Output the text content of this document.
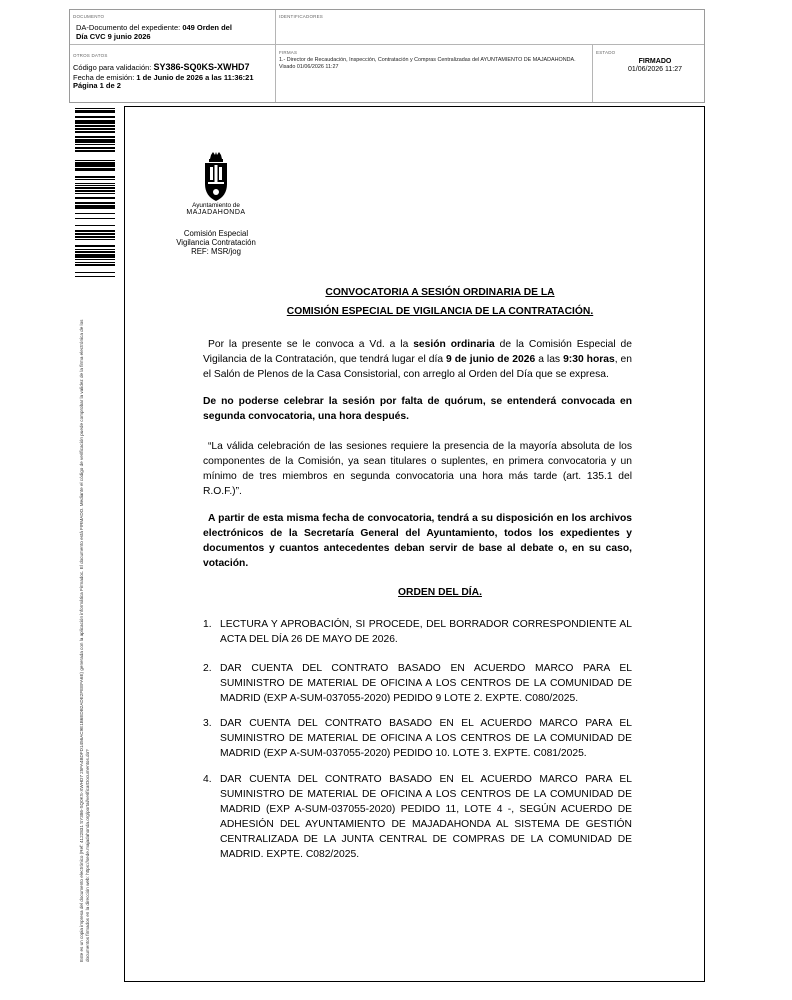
DOCUMENTO
DA-Documento del expediente: 049 Orden del
Día CVC 9 junio 2026
IDENTIFICADORES
OTROS DATOS
Código para validación: SY386-SQ0KS-XWHD7
Fecha de emisión: 1 de Junio de 2026 a las 11:36:21
Página 1 de 2
FIRMAS
1.- Director de Recaudación, Inspección, Contratación y Compras Centralizadas del AYUNTAMIENTO DE MAJADAHONDA. Visado 01/06/2026 11:27
ESTADO
FIRMADO
01/06/2026 11:27
Este es un copia impresa del documento electrónico (Ref: 4122831 SY386-SQ0KS-XWHD7 25FA4BDFD1456AC9E1B6EDB2ADE2FEEFA6E) generada con la aplicación informática Firmadoc. El documento está FIRMADO. Mediante el código de verificación puede comprobar la validez de la firma electrónica de los documentos firmados en la dirección web: https://sede.majadahonda.org/portal/verificarDocumentos.do?
Ayuntamiento de
MAJADAHONDA
Comisión Especial
Vigilancia Contratación
REF: MSR/jog
CONVOCATORIA A SESIÓN ORDINARIA DE LA
COMISIÓN ESPECIAL DE VIGILANCIA DE LA CONTRATACIÓN.
Por la presente se le convoca a Vd. a la sesión ordinaria de la Comisión Especial de Vigilancia de la Contratación, que tendrá lugar el día 9 de junio de 2026 a las 9:30 horas, en el Salón de Plenos de la Casa Consistorial, con arreglo al Orden del Día que se expresa.
De no poderse celebrar la sesión por falta de quórum, se entenderá convocada en segunda convocatoria, una hora después.
“La válida celebración de las sesiones requiere la presencia de la mayoría absoluta de los componentes de la Comisión, ya sean titulares o suplentes, en primera convocatoria y un mínimo de tres miembros en segunda convocatoria una hora más tarde (art. 135.1 del R.O.F.)”.
A partir de esta misma fecha de convocatoria, tendrá a su disposición en los archivos electrónicos de la Secretaría General del Ayuntamiento, todos los expedientes y documentos y cuantos antecedentes deban servir de base al debate o, en su caso, votación.
ORDEN DEL DÍA.
1. LECTURA Y APROBACIÓN, SI PROCEDE, DEL BORRADOR CORRESPONDIENTE AL ACTA DEL DÍA 26 DE MAYO DE 2026.
2. DAR CUENTA DEL CONTRATO BASADO EN ACUERDO MARCO PARA EL SUMINISTRO DE MATERIAL DE OFICINA A LOS CENTROS DE LA COMUNIDAD DE MADRID (EXP A-SUM-037055-2020) PEDIDO 9 LOTE 2. EXPTE. C080/2025.
3. DAR CUENTA DEL CONTRATO BASADO EN EL ACUERDO MARCO PARA EL SUMINISTRO DE MATERIAL DE OFICINA A LOS CENTROS DE LA COMUNIDAD DE MADRID (EXP A-SUM-037055-2020) PEDIDO 10. LOTE 3. EXPTE. C081/2025.
4. DAR CUENTA DEL CONTRATO BASADO EN EL ACUERDO MARCO PARA EL SUMINISTRO DE MATERIAL DE OFICINA A LOS CENTROS DE LA COMUNIDAD DE MADRID (EXP A-SUM-037055-2020) PEDIDO 11, LOTE 4 -, SEGÚN ACUERDO DE ADHESIÓN DEL AYUNTAMIENTO DE MAJADAHONDA AL SISTEMA DE GESTIÓN CENTRALIZADA DE LA JUNTA CENTRAL DE COMPRAS DE LA COMUNIDAD DE MADRID. EXPTE. C082/2025.
